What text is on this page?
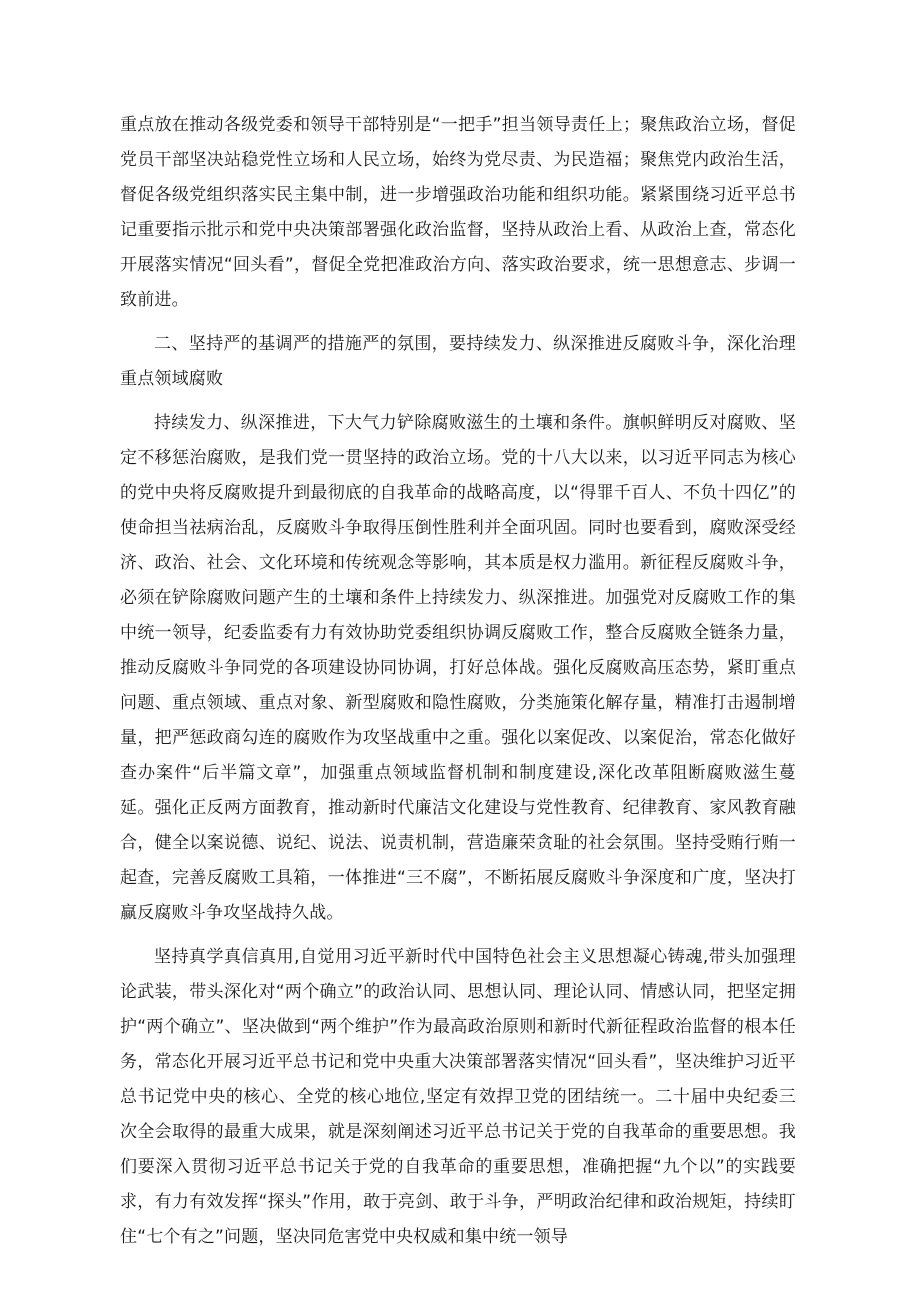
重点放在推动各级党委和领导干部特别是“一把手”担当领导责任上；聚焦政治立场，督促党员干部坚决站稳党性立场和人民立场，始终为党尽责、为民造福；聚焦党内政治生活，督促各级党组织落实民主集中制，进一步增强政治功能和组织功能。紧紧围绕习近平总书记重要指示批示和党中央决策部署强化政治监督，坚持从政治上看、从政治上查，常态化开展落实情况“回头看”，督促全党把准政治方向、落实政治要求，统一思想意志、步调一致前进。

二、坚持严的基调严的措施严的氛围，要持续发力、纵深推进反腐败斗争，深化治理重点领域腐败

持续发力、纵深推进，下大气力铲除腐败滋生的土壤和条件。旗帜鲜明反对腐败、坚定不移惩治腐败，是我们党一贯坚持的政治立场。党的十八大以来，以习近平同志为核心的党中央将反腐败提升到最彻底的自我革命的战略高度，以“得罪千百人、不负十四亿”的使命担当祛病治乱，反腐败斗争取得压倒性胜利并全面巩固。同时也要看到，腐败深受经济、政治、社会、文化环境和传统观念等影响，其本质是权力滥用。新征程反腐败斗争，必须在铲除腐败问题产生的土壤和条件上持续发力、纵深推进。加强党对反腐败工作的集中统一领导，纪委监委有力有效协助党委组织协调反腐败工作，整合反腐败全链条力量，推动反腐败斗争同党的各项建设协同协调，打好总体战。强化反腐败高压态势，紧盯重点问题、重点领域、重点对象、新型腐败和隐性腐败，分类施策化解存量，精准打击遏制增量，把严惩政商勾连的腐败作为攻坚战重中之重。强化以案促改、以案促治，常态化做好查办案件“后半篇文章”，加强重点领域监督机制和制度建设,深化改革阻断腐败滋生蔓延。强化正反两方面教育，推动新时代廉洁文化建设与党性教育、纪律教育、家风教育融合，健全以案说德、说纪、说法、说责机制，营造廉荣贪耻的社会氛围。坚持受贿行贿一起查，完善反腐败工具箱，一体推进“三不腐”，不断拓展反腐败斗争深度和广度，坚决打赢反腐败斗争攻坚战持久战。

坚持真学真信真用,自觉用习近平新时代中国特色社会主义思想凝心铸魂,带头加强理论武装，带头深化对“两个确立”的政治认同、思想认同、理论认同、情感认同，把坚定拥护“两个确立”、坚决做到“两个维护”作为最高政治原则和新时代新征程政治监督的根本任务，常态化开展习近平总书记和党中央重大决策部署落实情况“回头看”，坚决维护习近平总书记党中央的核心、全党的核心地位,坚定有效捍卫党的团结统一。二十届中央纪委三次全会取得的最重大成果，就是深刻阐述习近平总书记关于党的自我革命的重要思想。我们要深入贯彻习近平总书记关于党的自我革命的重要思想，准确把握“九个以”的实践要求，有力有效发挥“探头”作用，敢于亮剑、敢于斗争，严明政治纪律和政治规矩，持续盯住“七个有之”问题，坚决同危害党中央权威和集中统一领导
